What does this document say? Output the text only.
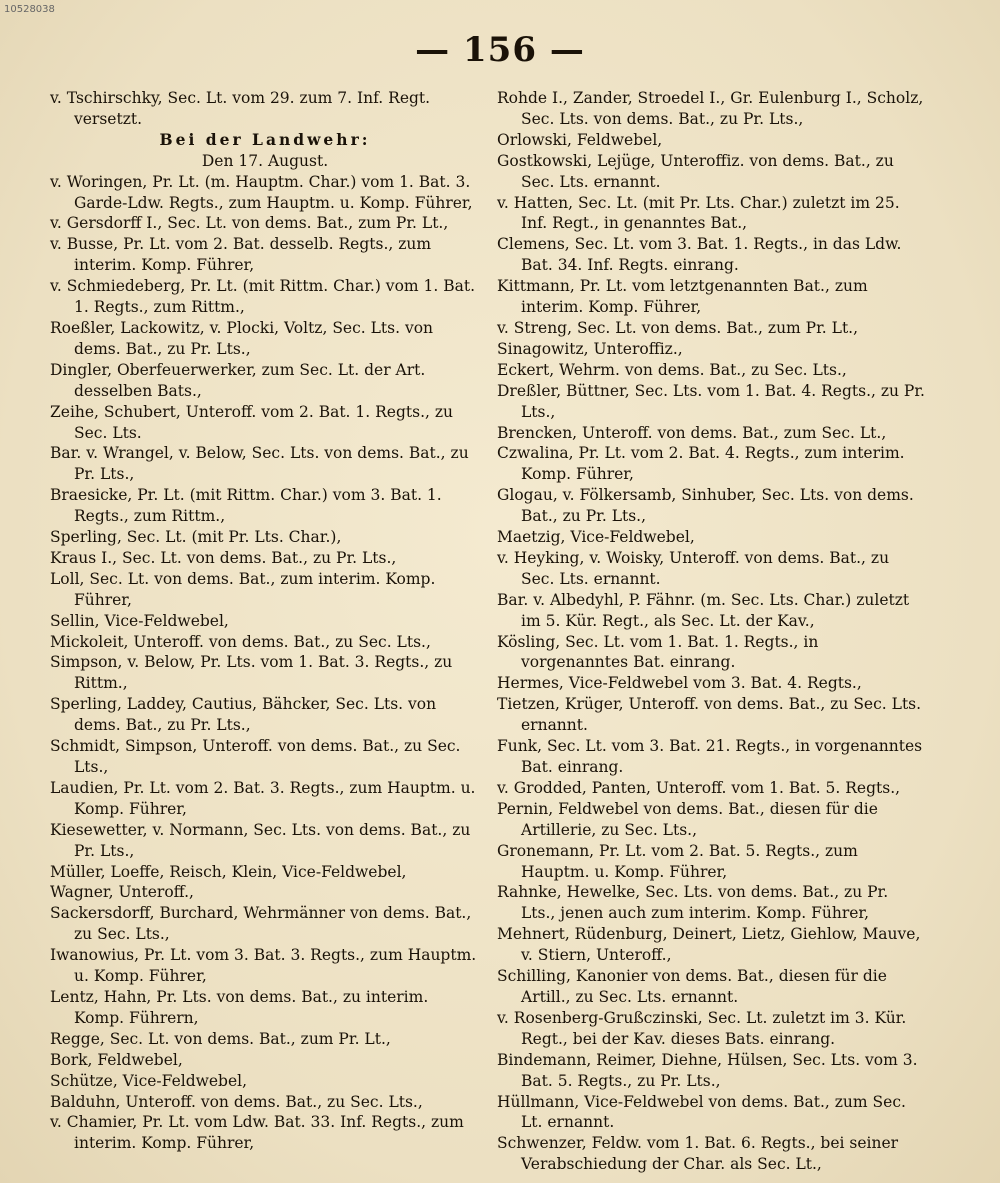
10528038
— 156 —

v. Tschirschky, Sec. Lt. vom 29. zum 7. Inf. Regt. versetzt.

Bei der Landwehr:

Den 17. August.

v. Woringen, Pr. Lt. (m. Hauptm. Char.) vom 1. Bat. 3. Garde-Ldw. Regts., zum Hauptm. u. Komp. Führer,

v. Gersdorff I., Sec. Lt. von dems. Bat., zum Pr. Lt.,

v. Busse, Pr. Lt. vom 2. Bat. desselb. Regts., zum interim. Komp. Führer,

v. Schmiedeberg, Pr. Lt. (mit Rittm. Char.) vom 1. Bat. 1. Regts., zum Rittm.,

Roeßler, Lackowitz, v. Plocki, Voltz, Sec. Lts. von dems. Bat., zu Pr. Lts.,

Dingler, Oberfeuerwerker, zum Sec. Lt. der Art. desselben Bats.,

Zeihe, Schubert, Unteroff. vom 2. Bat. 1. Regts., zu Sec. Lts.

Bar. v. Wrangel, v. Below, Sec. Lts. von dems. Bat., zu Pr. Lts.,

Braesicke, Pr. Lt. (mit Rittm. Char.) vom 3. Bat. 1. Regts., zum Rittm.,

Sperling, Sec. Lt. (mit Pr. Lts. Char.),

Kraus I., Sec. Lt. von dems. Bat., zu Pr. Lts.,

Loll, Sec. Lt. von dems. Bat., zum interim. Komp. Führer,

Sellin, Vice-Feldwebel,

Mickoleit, Unteroff. von dems. Bat., zu Sec. Lts.,

Simpson, v. Below, Pr. Lts. vom 1. Bat. 3. Regts., zu Rittm.,

Sperling, Laddey, Cautius, Bähcker, Sec. Lts. von dems. Bat., zu Pr. Lts.,

Schmidt, Simpson, Unteroff. von dems. Bat., zu Sec. Lts.,

Laudien, Pr. Lt. vom 2. Bat. 3. Regts., zum Hauptm. u. Komp. Führer,

Kiesewetter, v. Normann, Sec. Lts. von dems. Bat., zu Pr. Lts.,

Müller, Loeffe, Reisch, Klein, Vice-Feldwebel,

Wagner, Unteroff.,

Sackersdorff, Burchard, Wehrmänner von dems. Bat., zu Sec. Lts.,

Iwanowius, Pr. Lt. vom 3. Bat. 3. Regts., zum Hauptm. u. Komp. Führer,

Lentz, Hahn, Pr. Lts. von dems. Bat., zu interim. Komp. Führern,

Regge, Sec. Lt. von dems. Bat., zum Pr. Lt.,

Bork, Feldwebel,

Schütze, Vice-Feldwebel,

Balduhn, Unteroff. von dems. Bat., zu Sec. Lts.,

v. Chamier, Pr. Lt. vom Ldw. Bat. 33. Inf. Regts., zum interim. Komp. Führer,

Rohde I., Zander, Stroedel I., Gr. Eulenburg I., Scholz, Sec. Lts. von dems. Bat., zu Pr. Lts.,

Orlowski, Feldwebel,

Gostkowski, Lejüge, Unteroffiz. von dems. Bat., zu Sec. Lts. ernannt.

v. Hatten, Sec. Lt. (mit Pr. Lts. Char.) zuletzt im 25. Inf. Regt., in genanntes Bat.,

Clemens, Sec. Lt. vom 3. Bat. 1. Regts., in das Ldw. Bat. 34. Inf. Regts. einrang.

Kittmann, Pr. Lt. vom letztgenannten Bat., zum interim. Komp. Führer,

v. Streng, Sec. Lt. von dems. Bat., zum Pr. Lt.,

Sinagowitz, Unteroffiz.,

Eckert, Wehrm. von dems. Bat., zu Sec. Lts.,

Dreßler, Büttner, Sec. Lts. vom 1. Bat. 4. Regts., zu Pr. Lts.,

Brencken, Unteroff. von dems. Bat., zum Sec. Lt.,

Czwalina, Pr. Lt. vom 2. Bat. 4. Regts., zum interim. Komp. Führer,

Glogau, v. Fölkersamb, Sinhuber, Sec. Lts. von dems. Bat., zu Pr. Lts.,

Maetzig, Vice-Feldwebel,

v. Heyking, v. Woisky, Unteroff. von dems. Bat., zu Sec. Lts. ernannt.

Bar. v. Albedyhl, P. Fähnr. (m. Sec. Lts. Char.) zuletzt im 5. Kür. Regt., als Sec. Lt. der Kav.,

Kösling, Sec. Lt. vom 1. Bat. 1. Regts., in vorgenanntes Bat. einrang.

Hermes, Vice-Feldwebel vom 3. Bat. 4. Regts.,

Tietzen, Krüger, Unteroff. von dems. Bat., zu Sec. Lts. ernannt.

Funk, Sec. Lt. vom 3. Bat. 21. Regts., in vorgenanntes Bat. einrang.

v. Grodded, Panten, Unteroff. vom 1. Bat. 5. Regts.,

Pernin, Feldwebel von dems. Bat., diesen für die Artillerie, zu Sec. Lts.,

Gronemann, Pr. Lt. vom 2. Bat. 5. Regts., zum Hauptm. u. Komp. Führer,

Rahnke, Hewelke, Sec. Lts. von dems. Bat., zu Pr. Lts., jenen auch zum interim. Komp. Führer,

Mehnert, Rüdenburg, Deinert, Lietz, Giehlow, Mauve, v. Stiern, Unteroff.,

Schilling, Kanonier von dems. Bat., diesen für die Artill., zu Sec. Lts. ernannt.

v. Rosenberg-Grußczinski, Sec. Lt. zuletzt im 3. Kür. Regt., bei der Kav. dieses Bats. einrang.

Bindemann, Reimer, Diehne, Hülsen, Sec. Lts. vom 3. Bat. 5. Regts., zu Pr. Lts.,

Hüllmann, Vice-Feldwebel von dems. Bat., zum Sec. Lt. ernannt.

Schwenzer, Feldw. vom 1. Bat. 6. Regts., bei seiner Verabschiedung der Char. als Sec. Lt.,
